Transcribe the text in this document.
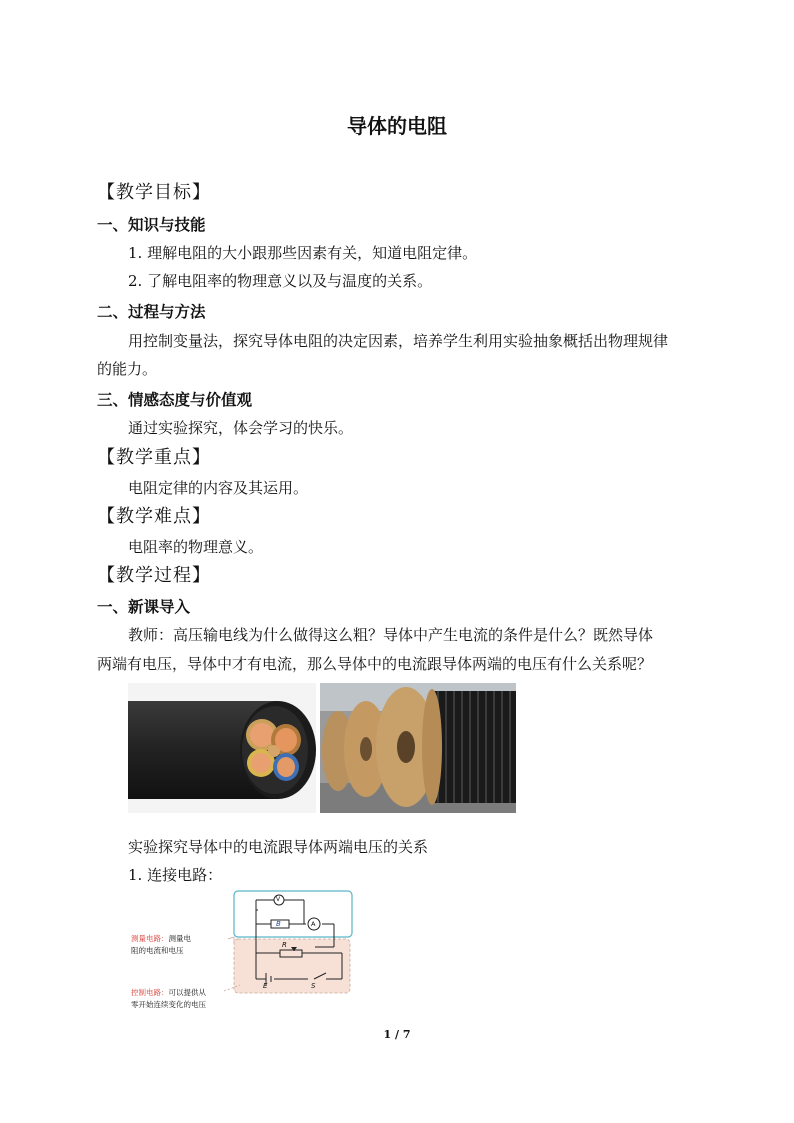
导体的电阻
【教学目标】
一、知识与技能
1. 理解电阻的大小跟那些因素有关，知道电阻定律。
2. 了解电阻率的物理意义以及与温度的关系。
二、过程与方法
用控制变量法，探究导体电阻的决定因素，培养学生利用实验抽象概括出物理规律
的能力。
三、情感态度与价值观
通过实验探究，体会学习的快乐。
【教学重点】
电阻定律的内容及其运用。
【教学难点】
电阻率的物理意义。
【教学过程】
一、新课导入
教师：高压输电线为什么做得这么粗？导体中产生电流的条件是什么？既然导体
两端有电压，导体中才有电流，那么导体中的电流跟导体两端的电压有什么关系呢？
实验探究导体中的电流跟导体两端电压的关系
1. 连接电路：
V
A
B
R
E	S
测量电路：测量电
阻的电流和电压
控制电路：可以提供从
零开始连续变化的电压
1 / 7
